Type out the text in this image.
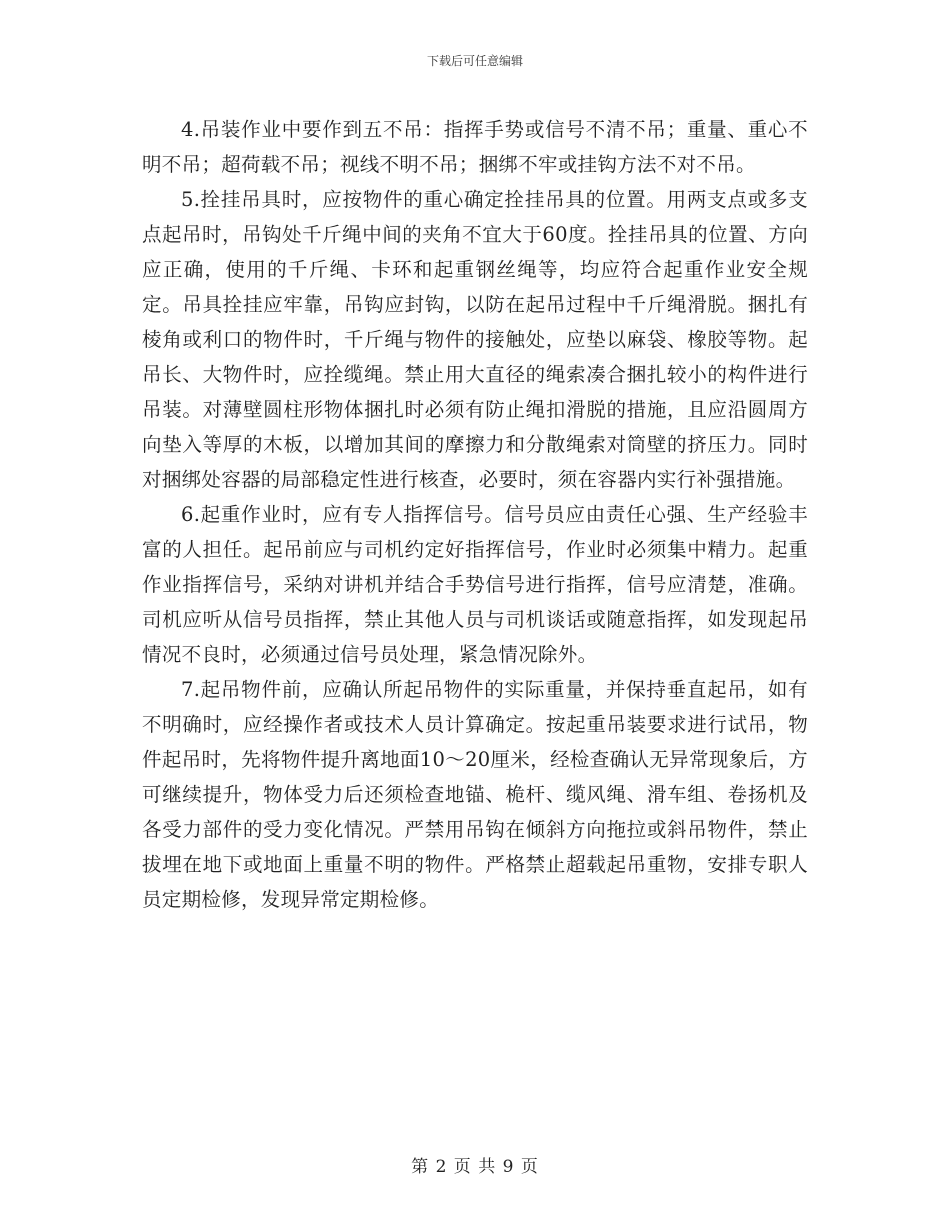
下载后可任意编辑

4.吊装作业中要作到五不吊：指挥手势或信号不清不吊；重量、重心不明不吊；超荷载不吊；视线不明不吊；捆绑不牢或挂钩方法不对不吊。

5.拴挂吊具时，应按物件的重心确定拴挂吊具的位置。用两支点或多支点起吊时，吊钩处千斤绳中间的夹角不宜大于60度。拴挂吊具的位置、方向应正确，使用的千斤绳、卡环和起重钢丝绳等，均应符合起重作业安全规定。吊具拴挂应牢靠，吊钩应封钩，以防在起吊过程中千斤绳滑脱。捆扎有棱角或利口的物件时，千斤绳与物件的接触处，应垫以麻袋、橡胶等物。起吊长、大物件时，应拴缆绳。禁止用大直径的绳索凑合捆扎较小的构件进行吊装。对薄壁圆柱形物体捆扎时必须有防止绳扣滑脱的措施，且应沿圆周方向垫入等厚的木板，以增加其间的摩擦力和分散绳索对筒壁的挤压力。同时对捆绑处容器的局部稳定性进行核查，必要时，须在容器内实行补强措施。

6.起重作业时，应有专人指挥信号。信号员应由责任心强、生产经验丰富的人担任。起吊前应与司机约定好指挥信号，作业时必须集中精力。起重作业指挥信号，采纳对讲机并结合手势信号进行指挥，信号应清楚，准确。司机应听从信号员指挥，禁止其他人员与司机谈话或随意指挥，如发现起吊情况不良时，必须通过信号员处理，紧急情况除外。

7.起吊物件前，应确认所起吊物件的实际重量，并保持垂直起吊，如有不明确时，应经操作者或技术人员计算确定。按起重吊装要求进行试吊，物件起吊时，先将物件提升离地面10～20厘米，经检查确认无异常现象后，方可继续提升，物体受力后还须检查地锚、桅杆、缆风绳、滑车组、卷扬机及各受力部件的受力变化情况。严禁用吊钩在倾斜方向拖拉或斜吊物件，禁止拔埋在地下或地面上重量不明的物件。严格禁止超载起吊重物，安排专职人员定期检修，发现异常定期检修。

第 2 页 共 9 页
